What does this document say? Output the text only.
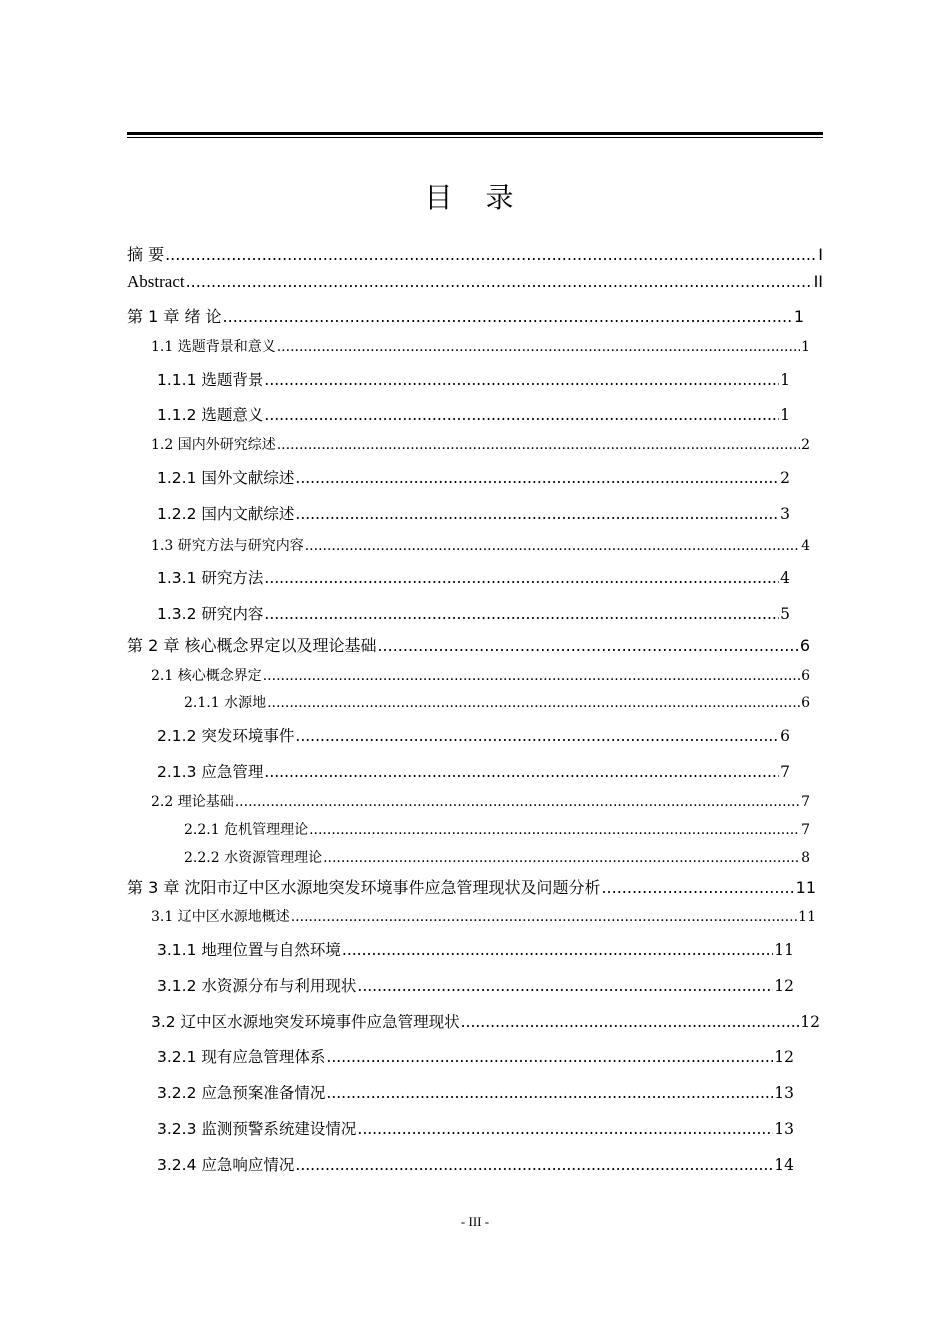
目 录
摘 要 .....	I
Abstract .....	II
第 1 章 绪 论 .....	1
1.1 选题背景和意义 .....	1
1.1.1 选题背景 .....	1
1.1.2 选题意义 .....	1
1.2 国内外研究综述 .....	2
1.2.1 国外文献综述 .....	2
1.2.2 国内文献综述 .....	3
1.3 研究方法与研究内容 .....	4
1.3.1 研究方法 .....	4
1.3.2 研究内容 .....	5
第 2 章 核心概念界定以及理论基础 .....	6
2.1 核心概念界定 .....	6
2.1.1 水源地 .....	6
2.1.2 突发环境事件 .....	6
2.1.3 应急管理 .....	7
2.2 理论基础 .....	7
2.2.1 危机管理理论 .....	7
2.2.2 水资源管理理论 .....	8
第 3 章 沈阳市辽中区水源地突发环境事件应急管理现状及问题分析 .....	11
3.1 辽中区水源地概述 .....	11
3.1.1 地理位置与自然环境 .....	11
3.1.2 水资源分布与利用现状 .....	12
3.2 辽中区水源地突发环境事件应急管理现状 .....	12
3.2.1 现有应急管理体系 .....	12
3.2.2 应急预案准备情况 .....	13
3.2.3 监测预警系统建设情况 .....	13
3.2.4 应急响应情况 .....	14
- III -
